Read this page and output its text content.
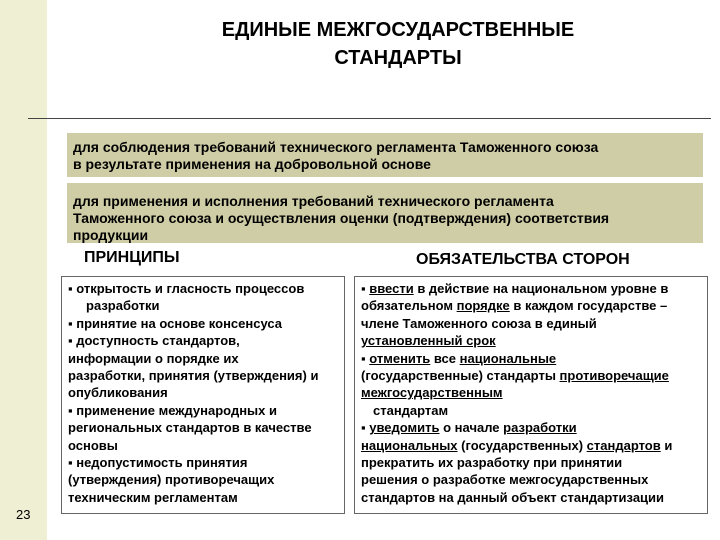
ЕДИНЫЕ МЕЖГОСУДАРСТВЕННЫЕ
СТАНДАРТЫ
для соблюдения требований технического регламента Таможенного союза
в результате применения на добровольной основе
для применения и исполнения требований технического регламента
Таможенного союза и осуществления оценки (подтверждения) соответствия
продукции
ПРИНЦИПЫ	ОБЯЗАТЕЛЬСТВА СТОРОН
▪ открытость и гласность процессов
разработки
▪ принятие на основе консенсуса
▪ доступность стандартов,
информации о порядке их
разработки, принятия (утверждения) и
опубликования
▪ применение международных и
региональных стандартов в качестве
основы
▪ недопустимость принятия
(утверждения) противоречащих
техническим регламентам
▪ ввести в действие на национальном уровне в
обязательном порядке в каждом государстве –
члене Таможенного союза в единый
установленный срок
▪ отменить все национальные
(государственные) стандарты противоречащие
межгосударственным
стандартам
▪ уведомить о начале разработки
национальных (государственных) стандартов и
прекратить их разработку при принятии
решения о разработке межгосударственных
стандартов на данный объект стандартизации
23
